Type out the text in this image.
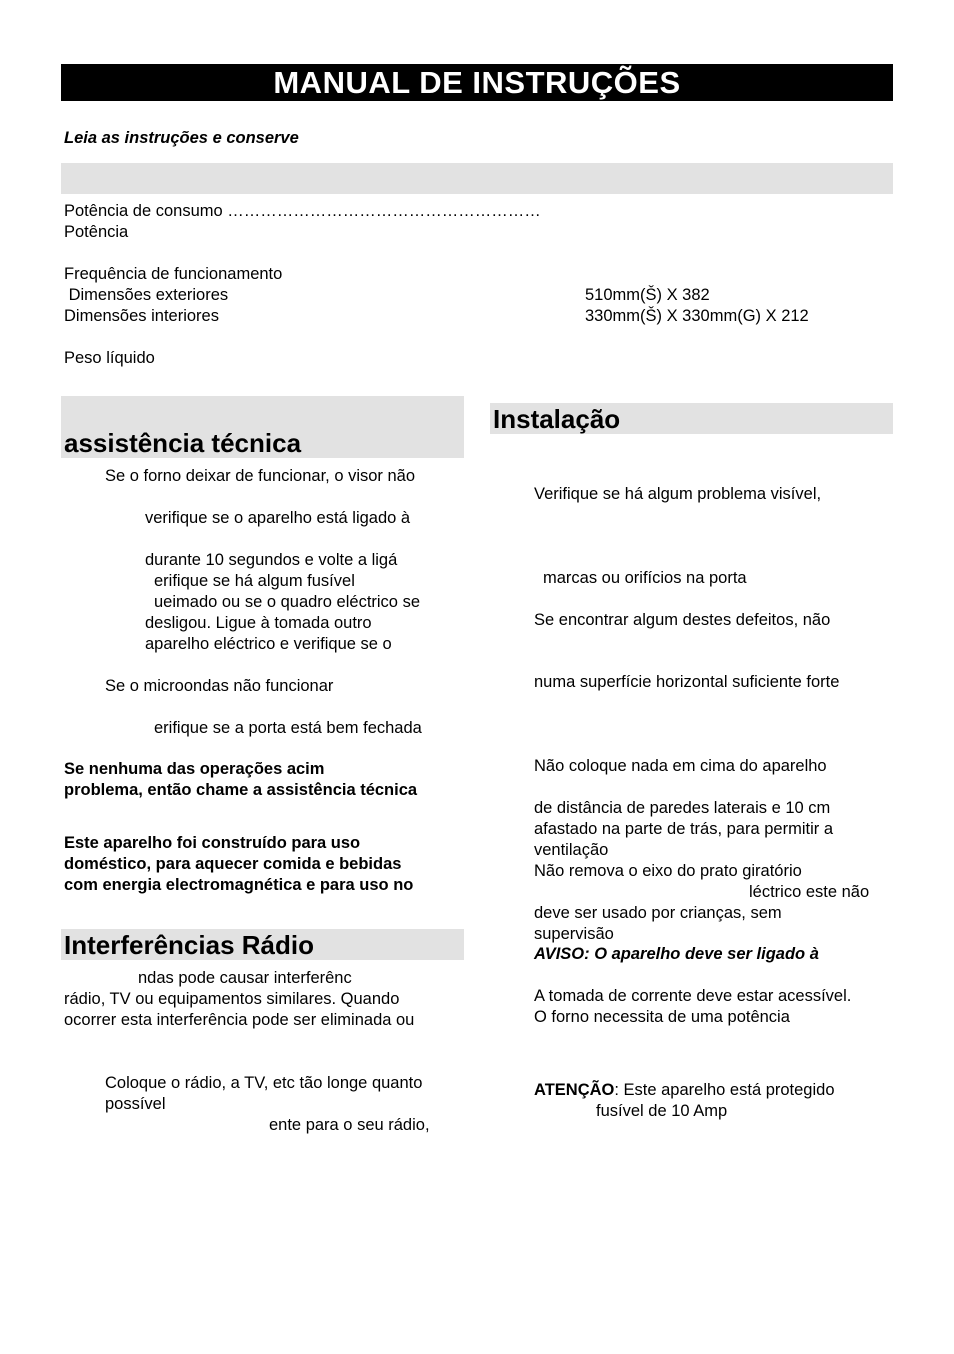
MANUAL DE INSTRUÇÕES
Leia as instruções e conserve
Potência de consumo …………………………………………………
Potência
Frequência de funcionamento
Dimensões exteriores	510mm(Š) X 382
Dimensões interiores	330mm(Š) X 330mm(G) X 212
Peso líquido
assistência técnica
Se o forno deixar de funcionar, o visor não
verifique se o aparelho está ligado à
durante 10 segundos e volte a ligá
erifique se há algum fusível
ueimado ou se o quadro eléctrico se
desligou. Ligue à tomada outro
aparelho eléctrico e verifique se o
Se o microondas não funcionar
erifique se a porta está bem fechada
Se nenhuma das operações acim
problema, então chame a assistência técnica
Este aparelho foi construído para uso
doméstico, para aquecer comida e bebidas
com energia electromagnética e para uso no
Interferências Rádio
ndas pode causar interferênc
rádio, TV ou equipamentos similares. Quando
ocorrer esta interferência pode ser eliminada ou
Coloque o rádio, a TV, etc tão longe quanto
possível
ente para o seu rádio,
Instalação
Verifique se há algum problema visível,
marcas ou orifícios na porta
Se encontrar algum destes defeitos, não
numa superfície horizontal suficiente forte
Não coloque nada em cima do aparelho
de distância de paredes laterais e 10 cm
afastado na parte de trás, para permitir a
ventilação
Não remova o eixo do prato giratório
léctrico este não
deve ser usado por crianças, sem
supervisão
AVISO: O aparelho deve ser ligado à
A tomada de corrente deve estar acessível.
O forno necessita de uma potência
ATENÇÃO: Este aparelho está protegido
fusível de 10 Amp
